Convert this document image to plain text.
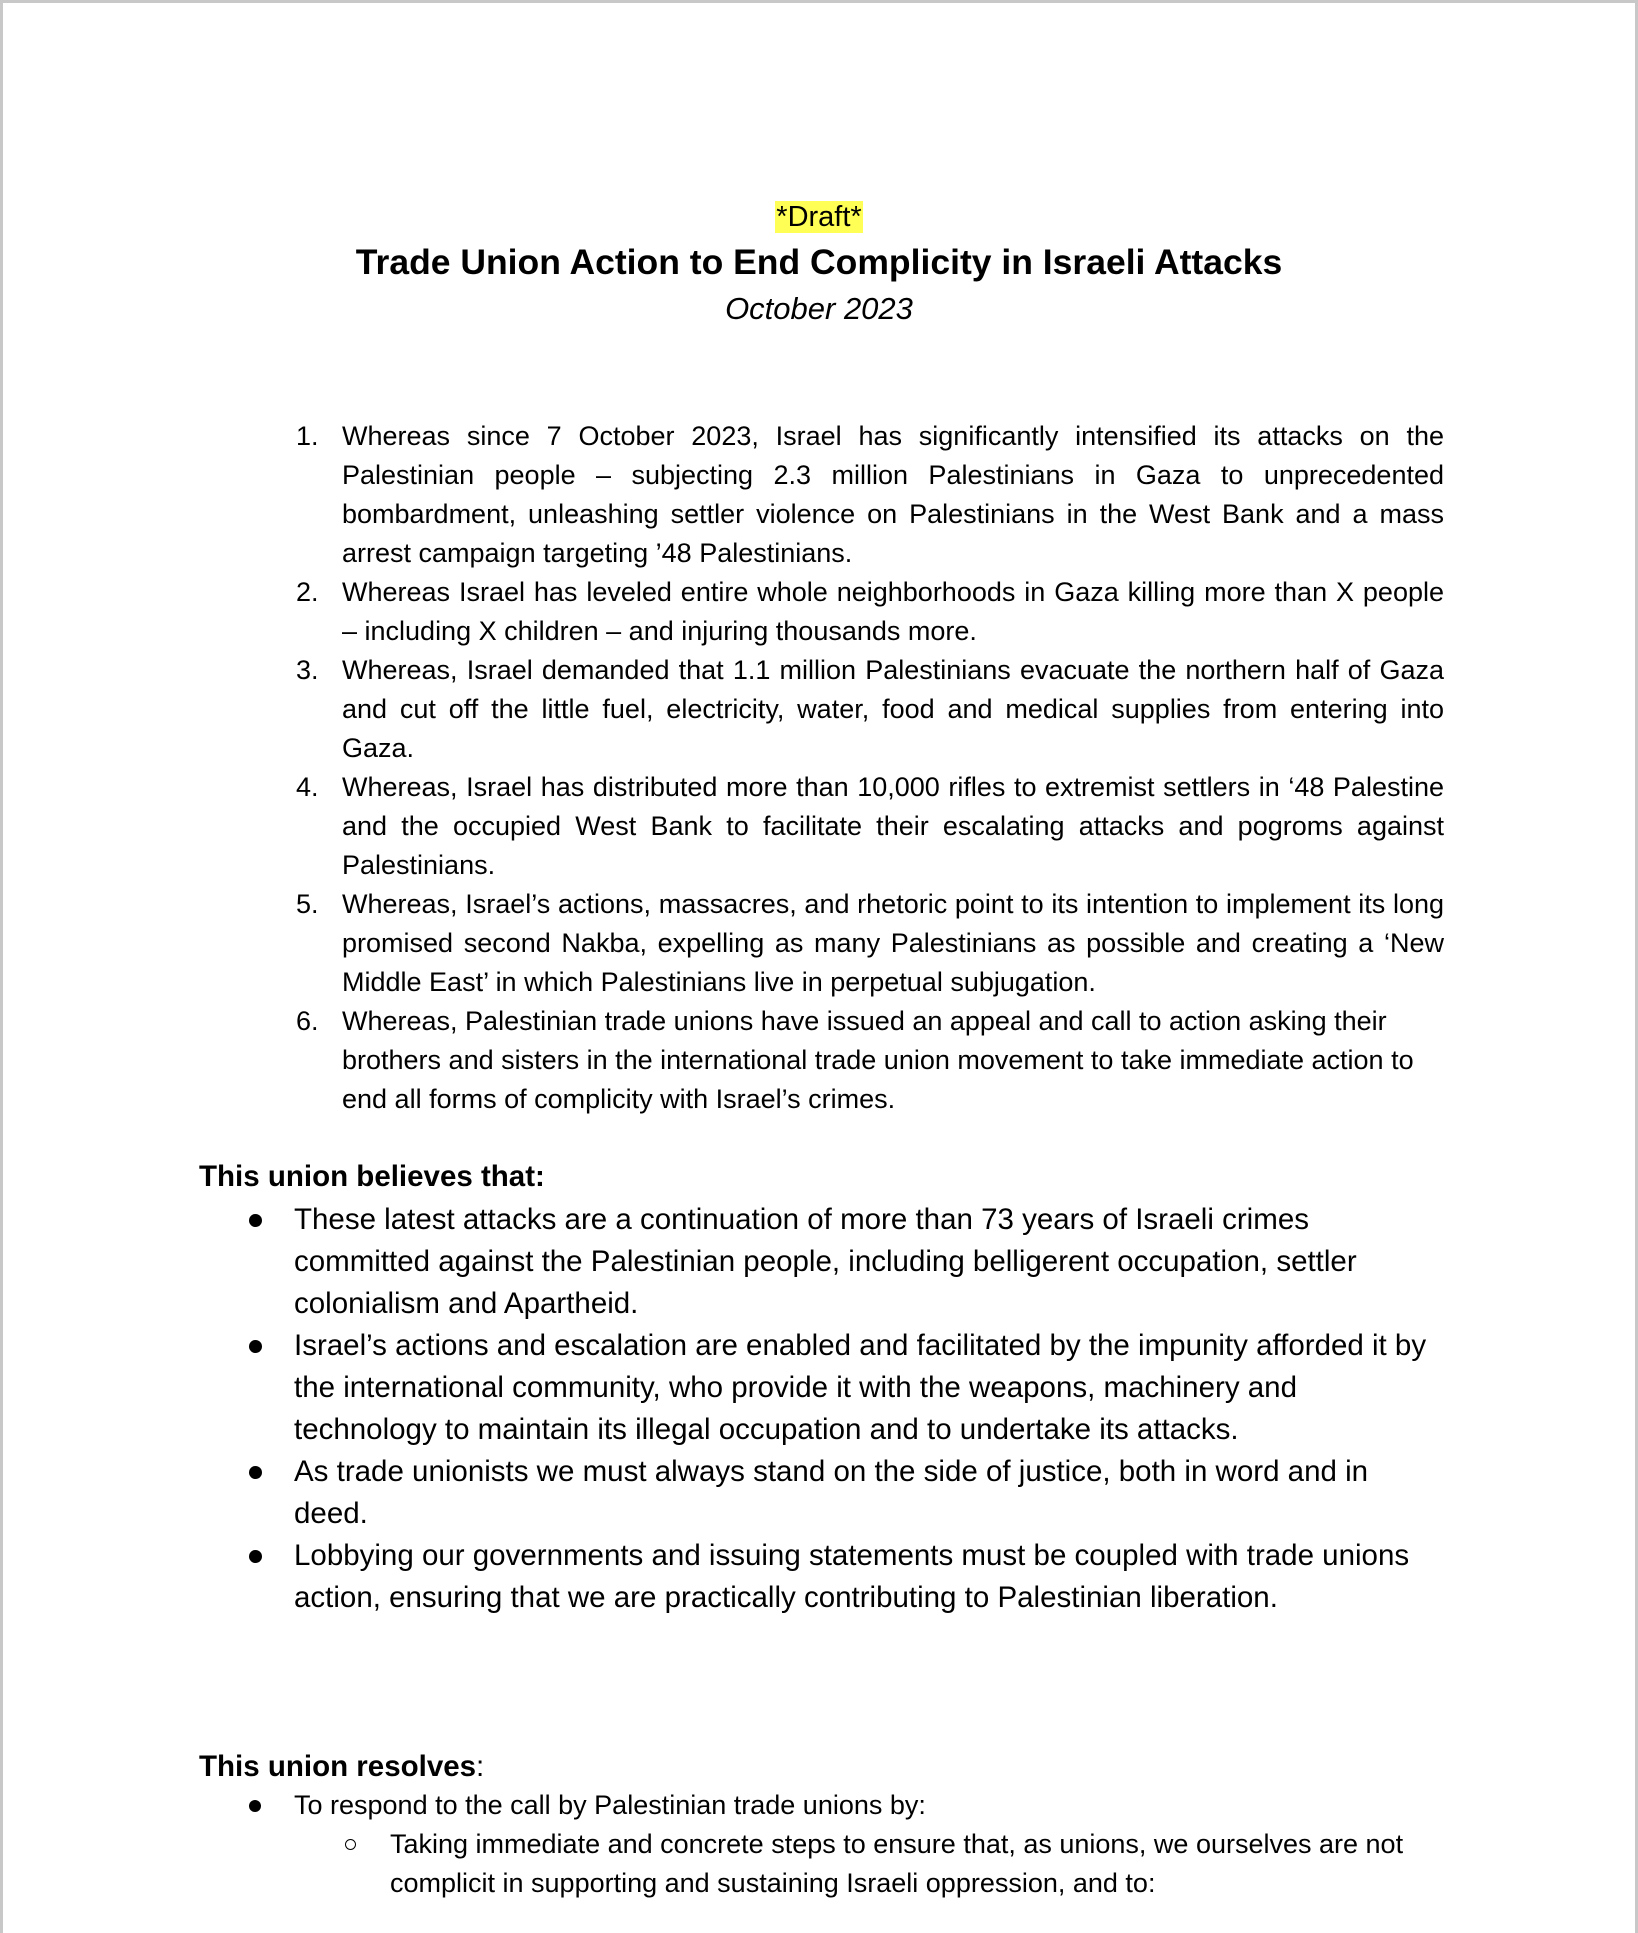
*Draft*
Trade Union Action to End Complicity in Israeli Attacks
October 2023
1. Whereas since 7 October 2023, Israel has significantly intensified its attacks on the Palestinian people – subjecting 2.3 million Palestinians in Gaza to unprecedented bombardment, unleashing settler violence on Palestinians in the West Bank and a mass arrest campaign targeting ’48 Palestinians.
2. Whereas Israel has leveled entire whole neighborhoods in Gaza killing more than X people – including X children – and injuring thousands more.
3. Whereas, Israel demanded that 1.1 million Palestinians evacuate the northern half of Gaza and cut off the little fuel, electricity, water, food and medical supplies from entering into Gaza.
4. Whereas, Israel has distributed more than 10,000 rifles to extremist settlers in ‘48 Palestine and the occupied West Bank to facilitate their escalating attacks and pogroms against Palestinians.
5. Whereas, Israel’s actions, massacres, and rhetoric point to its intention to implement its long promised second Nakba, expelling as many Palestinians as possible and creating a ‘New Middle East’ in which Palestinians live in perpetual subjugation.
6. Whereas, Palestinian trade unions have issued an appeal and call to action asking their brothers and sisters in the international trade union movement to take immediate action to end all forms of complicity with Israel’s crimes.
This union believes that:
These latest attacks are a continuation of more than 73 years of Israeli crimes committed against the Palestinian people, including belligerent occupation, settler colonialism and Apartheid.
Israel’s actions and escalation are enabled and facilitated by the impunity afforded it by the international community, who provide it with the weapons, machinery and technology to maintain its illegal occupation and to undertake its attacks.
As trade unionists we must always stand on the side of justice, both in word and in deed.
Lobbying our governments and issuing statements must be coupled with trade unions action, ensuring that we are practically contributing to Palestinian liberation.
This union resolves:
To respond to the call by Palestinian trade unions by:
Taking immediate and concrete steps to ensure that, as unions, we ourselves are not complicit in supporting and sustaining Israeli oppression, and to:
